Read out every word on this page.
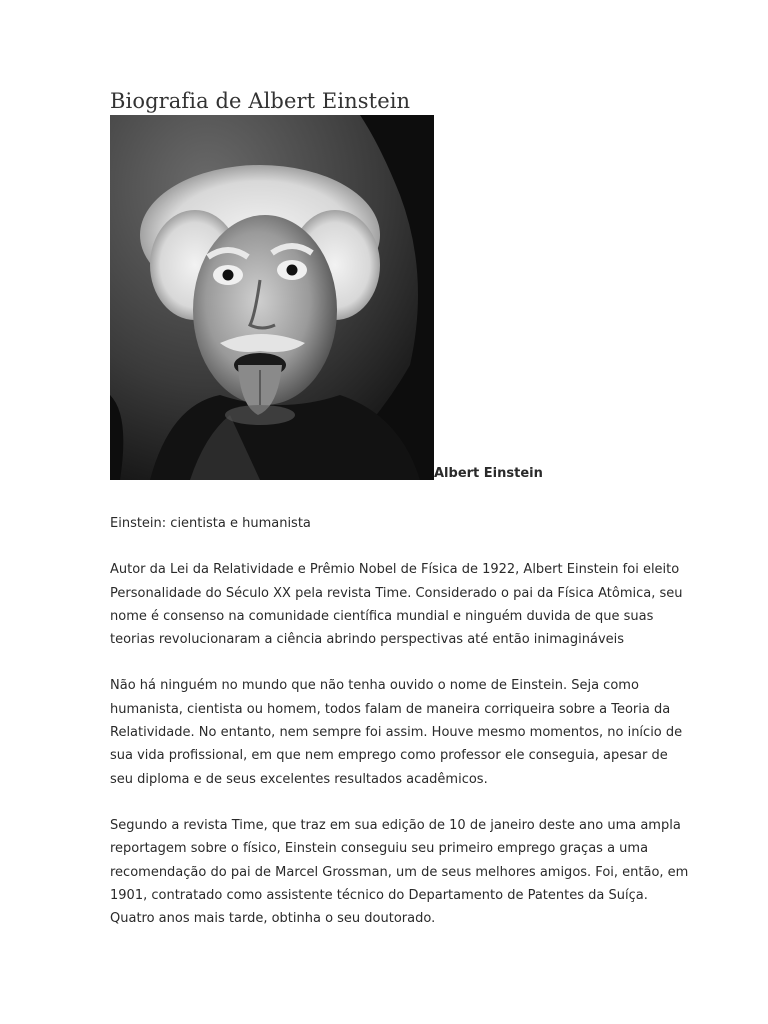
Biografia de Albert Einstein
Albert Einstein

Einstein: cientista e humanista

Autor da Lei da Relatividade e Prêmio Nobel de Física de 1922, Albert Einstein foi eleito
Personalidade do Século XX pela revista Time. Considerado o pai da Física Atômica, seu
nome é consenso na comunidade científica mundial e ninguém duvida de que suas
teorias revolucionaram a ciência abrindo perspectivas até então inimagináveis

Não há ninguém no mundo que não tenha ouvido o nome de Einstein. Seja como
humanista, cientista ou homem, todos falam de maneira corriqueira sobre a Teoria da
Relatividade. No entanto, nem sempre foi assim. Houve mesmo momentos, no início de
sua vida profissional, em que nem emprego como professor ele conseguia, apesar de
seu diploma e de seus excelentes resultados acadêmicos.

Segundo a revista Time, que traz em sua edição de 10 de janeiro deste ano uma ampla
reportagem sobre o físico, Einstein conseguiu seu primeiro emprego graças a uma
recomendação do pai de Marcel Grossman, um de seus melhores amigos. Foi, então, em
1901, contratado como assistente técnico do Departamento de Patentes da Suíça.
Quatro anos mais tarde, obtinha o seu doutorado.
